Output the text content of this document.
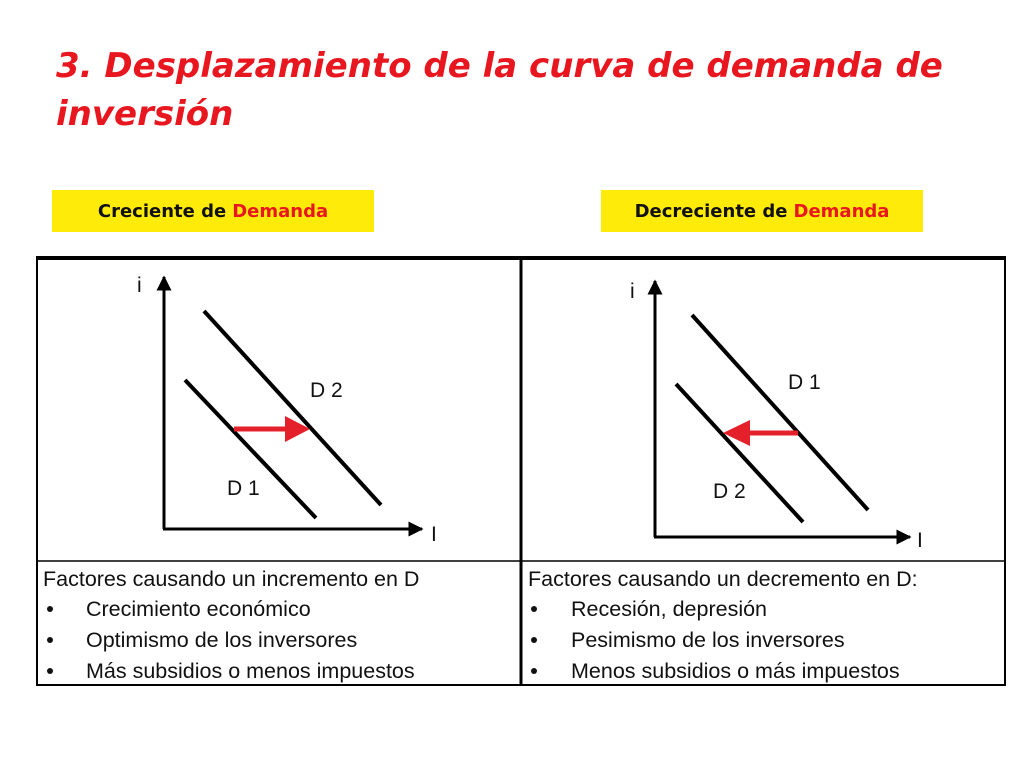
3. Desplazamiento de la curva de demanda de inversión
Creciente de Demanda	Decreciente de Demanda
i
I
D 2
D 1
Factores causando un incremento en D
Crecimiento económico
Optimismo de los inversores
Más subsidios o menos impuestos
i
I
D 1
D 2
Factores causando un decremento en D:
Recesión, depresión
Pesimismo de los inversores
Menos subsidios o más impuestos
